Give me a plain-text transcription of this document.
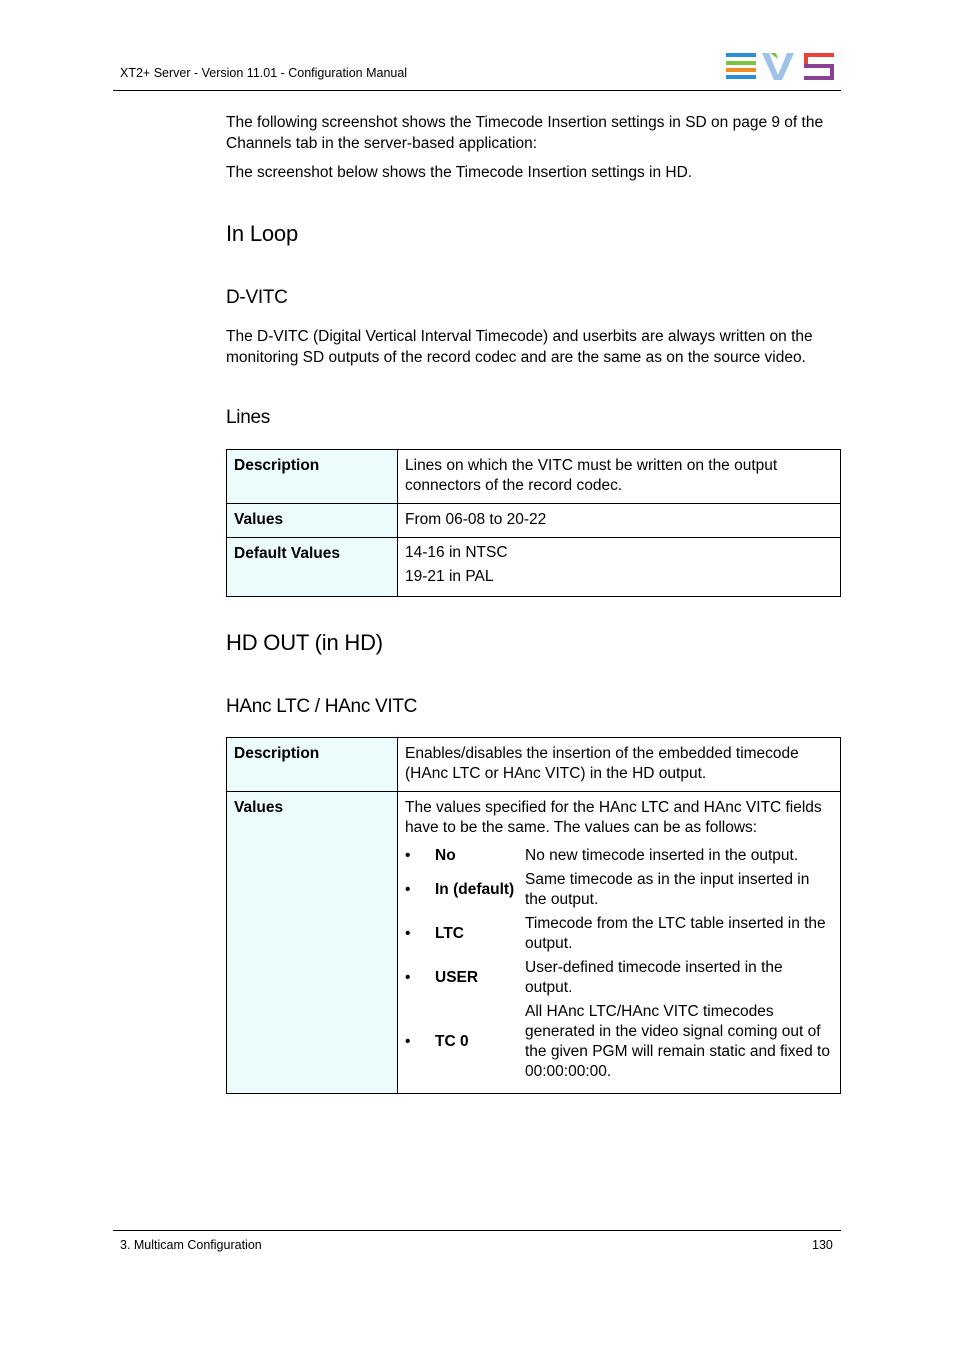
XT2+ Server - Version 11.01 - Configuration Manual
The following screenshot shows the Timecode Insertion settings in SD on page 9 of the Channels tab in the server-based application:
The screenshot below shows the Timecode Insertion settings in HD.
In Loop
D-VITC
The D-VITC (Digital Vertical Interval Timecode) and userbits are always written on the monitoring SD outputs of the record codec and are the same as on the source video.
Lines
Description	Lines on which the VITC must be written on the output connectors of the record codec.
Values	From 06-08 to 20-22
Default Values	14-16 in NTSC
19-21 in PAL
HD OUT (in HD)
HAnc LTC / HAnc VITC
Description	Enables/disables the insertion of the embedded timecode (HAnc LTC or HAnc VITC) in the HD output.
Values	The values specified for the HAnc LTC and HAnc VITC fields have to be the same. The values can be as follows:
•	No	No new timecode inserted in the output.
•	In (default)	Same timecode as in the input inserted in the output.
•	LTC	Timecode from the LTC table inserted in the output.
•	USER	User-defined timecode inserted in the output.
•	TC 0	All HAnc LTC/HAnc VITC timecodes generated in the video signal coming out of the given PGM will remain static and fixed to 00:00:00:00.
3. Multicam Configuration	130
